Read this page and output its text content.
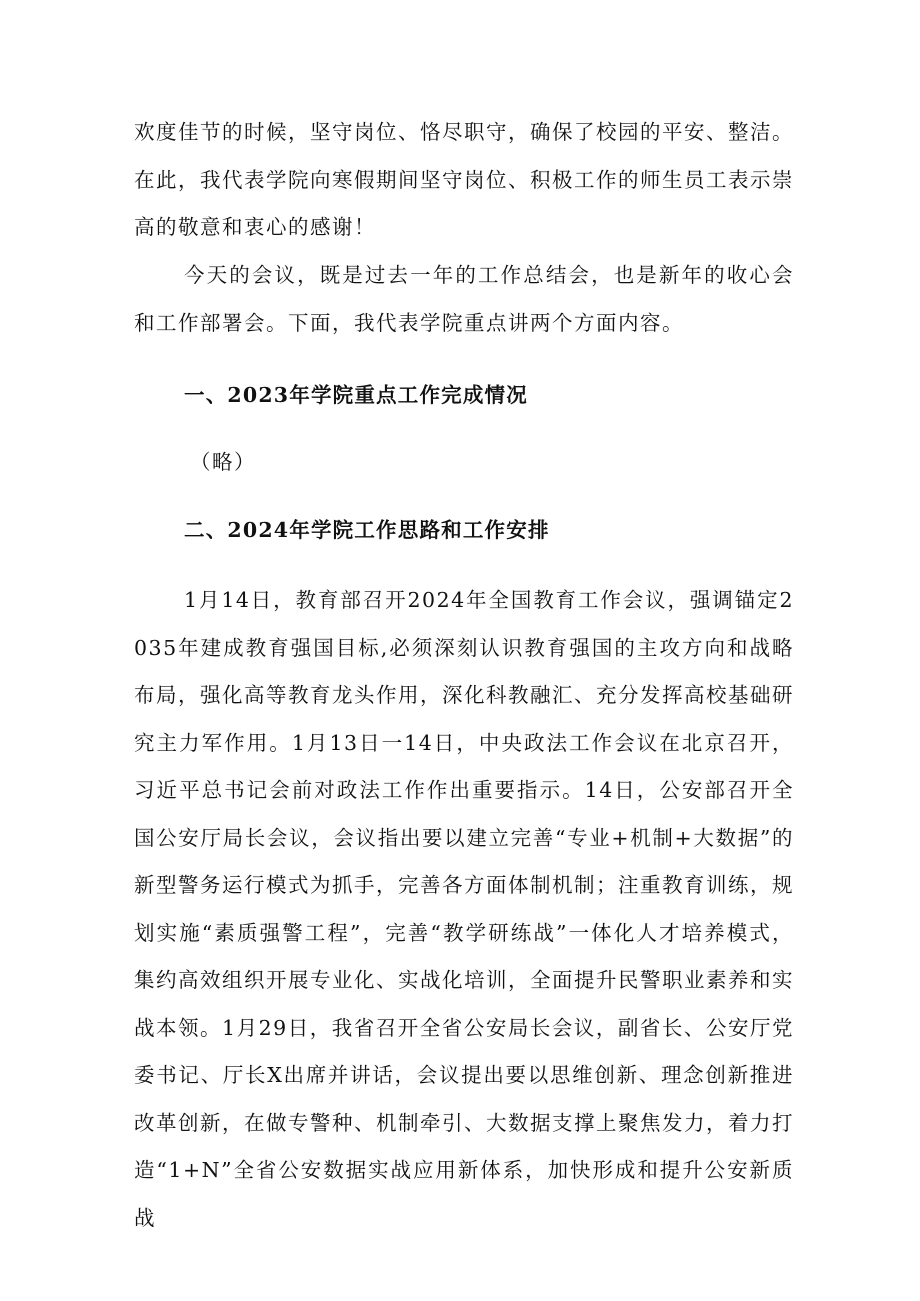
欢度佳节的时候，坚守岗位、恪尽职守，确保了校园的平安、整洁。在此，我代表学院向寒假期间坚守岗位、积极工作的师生员工表示崇高的敬意和衷心的感谢！

今天的会议，既是过去一年的工作总结会，也是新年的收心会和工作部署会。下面，我代表学院重点讲两个方面内容。

一、2023年学院重点工作完成情况

（略）

二、2024年学院工作思路和工作安排

1月14日，教育部召开2024年全国教育工作会议，强调锚定2035年建成教育强国目标,必须深刻认识教育强国的主攻方向和战略布局，强化高等教育龙头作用，深化科教融汇、充分发挥高校基础研究主力军作用。1月13日一14日，中央政法工作会议在北京召开，习近平总书记会前对政法工作作出重要指示。14日，公安部召开全国公安厅局长会议，会议指出要以建立完善“专业+机制+大数据”的新型警务运行模式为抓手，完善各方面体制机制；注重教育训练，规划实施“素质强警工程”，完善“教学研练战”一体化人才培养模式，集约高效组织开展专业化、实战化培训，全面提升民警职业素养和实战本领。1月29日，我省召开全省公安局长会议，副省长、公安厅党委书记、厅长X出席并讲话，会议提出要以思维创新、理念创新推进改革创新，在做专警种、机制牵引、大数据支撑上聚焦发力，着力打造“1+N”全省公安数据实战应用新体系，加快形成和提升公安新质战
